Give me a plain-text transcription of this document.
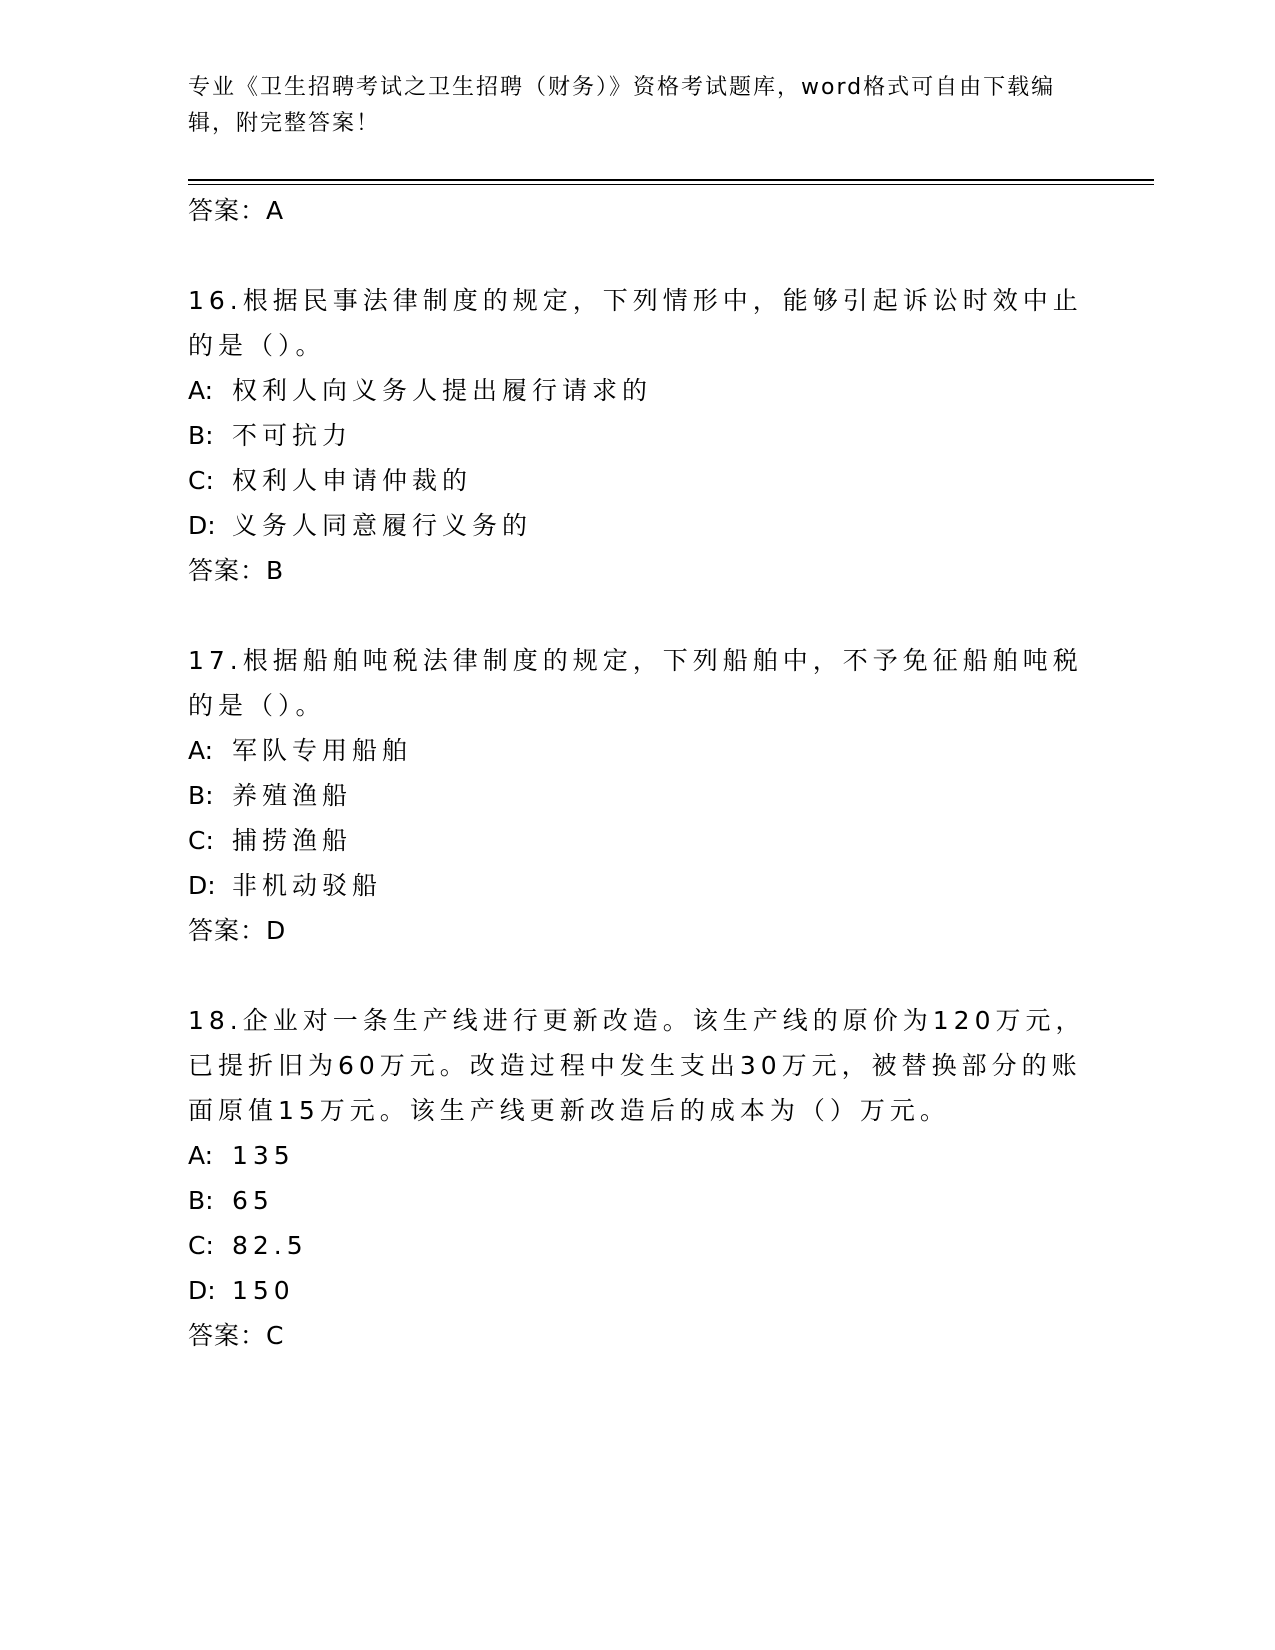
专业《卫生招聘考试之卫生招聘（财务）》资格考试题库，word格式可自由下载编辑，附完整答案！
答案：A
16.根据民事法律制度的规定，下列情形中，能够引起诉讼时效中止的是（）。
A: 权利人向义务人提出履行请求的
B: 不可抗力
C: 权利人申请仲裁的
D: 义务人同意履行义务的
答案：B
17.根据船舶吨税法律制度的规定，下列船舶中，不予免征船舶吨税的是（）。
A: 军队专用船舶
B: 养殖渔船
C: 捕捞渔船
D: 非机动驳船
答案：D
18.企业对一条生产线进行更新改造。该生产线的原价为120万元，已提折旧为60万元。改造过程中发生支出30万元，被替换部分的账面原值15万元。该生产线更新改造后的成本为（）万元。
A: 135
B: 65
C: 82.5
D: 150
答案：C
